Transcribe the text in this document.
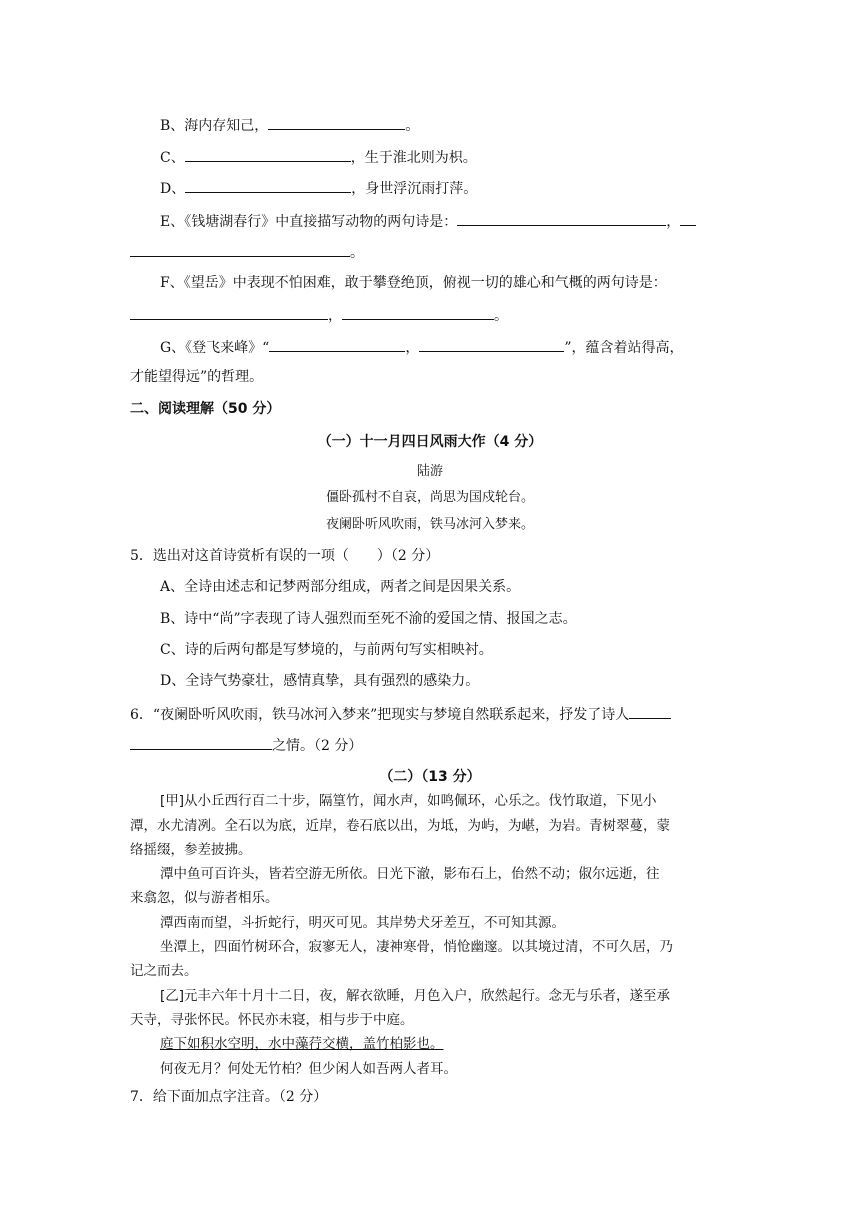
B、海内存知己，	。
C、	，生于淮北则为枳。
D、	，身世浮沉雨打萍。
E、《钱塘湖春行》中直接描写动物的两句诗是：	，
。
F、《望岳》中表现不怕困难，敢于攀登绝顶，俯视一切的雄心和气概的两句诗是：
，	。
G、《登飞来峰》“	，	”，蕴含着站得高，
才能望得远”的哲理。
二、阅读理解（50 分）
（一）十一月四日风雨大作（4 分）
陆游
僵卧孤村不自哀，尚思为国戍轮台。
夜阑卧听风吹雨，铁马冰河入梦来。
5．选出对这首诗赏析有误的一项（　　）（2 分）
A、全诗由述志和记梦两部分组成，两者之间是因果关系。
B、诗中“尚”字表现了诗人强烈而至死不渝的爱国之情、报国之志。
C、诗的后两句都是写梦境的，与前两句写实相映衬。
D、全诗气势豪壮，感情真挚，具有强烈的感染力。
6．“夜阑卧听风吹雨，铁马冰河入梦来”把现实与梦境自然联系起来，抒发了诗人
之情。（2 分）
（二）（13 分）
[甲]从小丘西行百二十步，隔篁竹，闻水声，如鸣佩环，心乐之。伐竹取道，下见小
潭，水尤清冽。全石以为底，近岸，卷石底以出，为坻，为屿，为嵁，为岩。青树翠蔓，蒙
络摇缀，参差披拂。
潭中鱼可百许头，皆若空游无所依。日光下澈，影布石上，佁然不动；俶尔远逝，往
来翕忽，似与游者相乐。
潭西南而望，斗折蛇行，明灭可见。其岸势犬牙差互，不可知其源。
坐潭上，四面竹树环合，寂寥无人，凄神寒骨，悄怆幽邃。以其境过清，不可久居，乃
记之而去。
[乙]元丰六年十月十二日，夜，解衣欲睡，月色入户，欣然起行。念无与乐者，遂至承
天寺，寻张怀民。怀民亦未寝，相与步于中庭。
庭下如积水空明，水中藻荇交横，盖竹柏影也。
何夜无月？何处无竹柏？但少闲人如吾两人者耳。
7．给下面加点字注音。（2 分）
